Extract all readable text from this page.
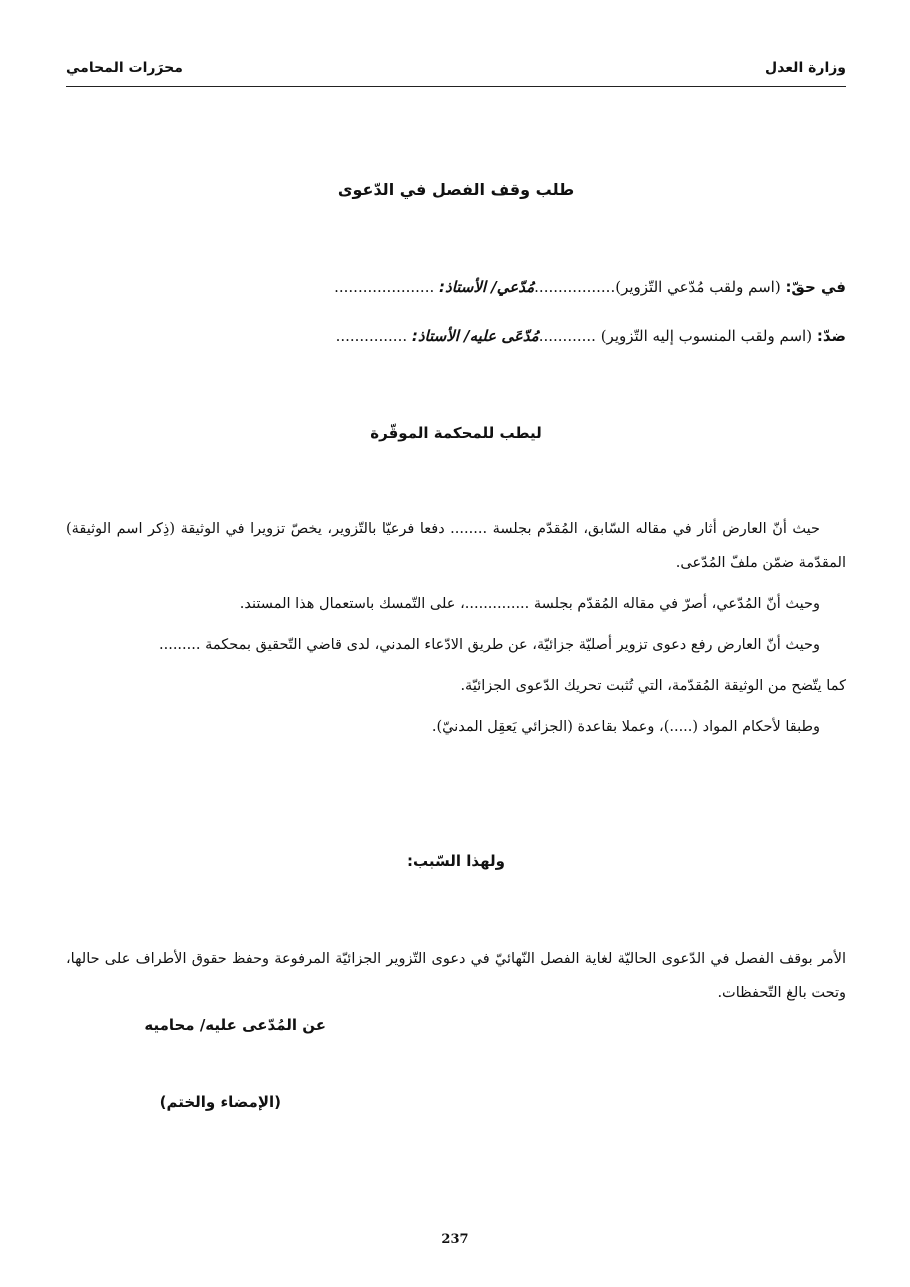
وزارة العدل
محرَرات المحامي
طلب وقف الفصل في الدّعوى
في حقّ: (اسم ولقب مُدّعي التّزوير).................مُدّعي/ الأستاذ: .....................
ضدّ: (اسم ولقب المنسوب إليه التّزوير) ............مُدّعَى عليه/ الأستاذ: ...............
ليطب للمحكمة الموقّرة

حيث أنّ العارض أثار في مقاله السّابق، المُقدّم بجلسة ........ دفعا فرعيّا بالتّزوير، يخصّ تزويرا في الوثيقة (ذِكر اسم الوثيقة) المقدّمة ضمّن ملفّ المُدّعى.

وحيث أنّ المُدّعي، أصرّ في مقاله المُقدّم بجلسة ..............، على التّمسك باستعمال هذا المستند.

وحيث أنّ العارض رفع دعوى تزوير أصليّة جزائيّة، عن طريق الادّعاء المدني، لدى قاضي التّحقيق بمحكمة .........

كما يتّضح من الوثيقة المُقدّمة، التي تُثبت تحريك الدّعوى الجزائيّة.

وطبقا لأحكام المواد (.....)، وعملا بقاعدة (الجزائي يَعقِل المدنيّ).

ولهذا السّبب:
الأمر بوقف الفصل في الدّعوى الحاليّة لغاية الفصل النّهائيّ في دعوى التّزوير الجزائيّة المرفوعة وحفظ حقوق الأطراف على حالها، وتحت بالغ التّحفظات.
عن المُدّعى عليه/ محاميه
(الإمضاء والختم)
237
